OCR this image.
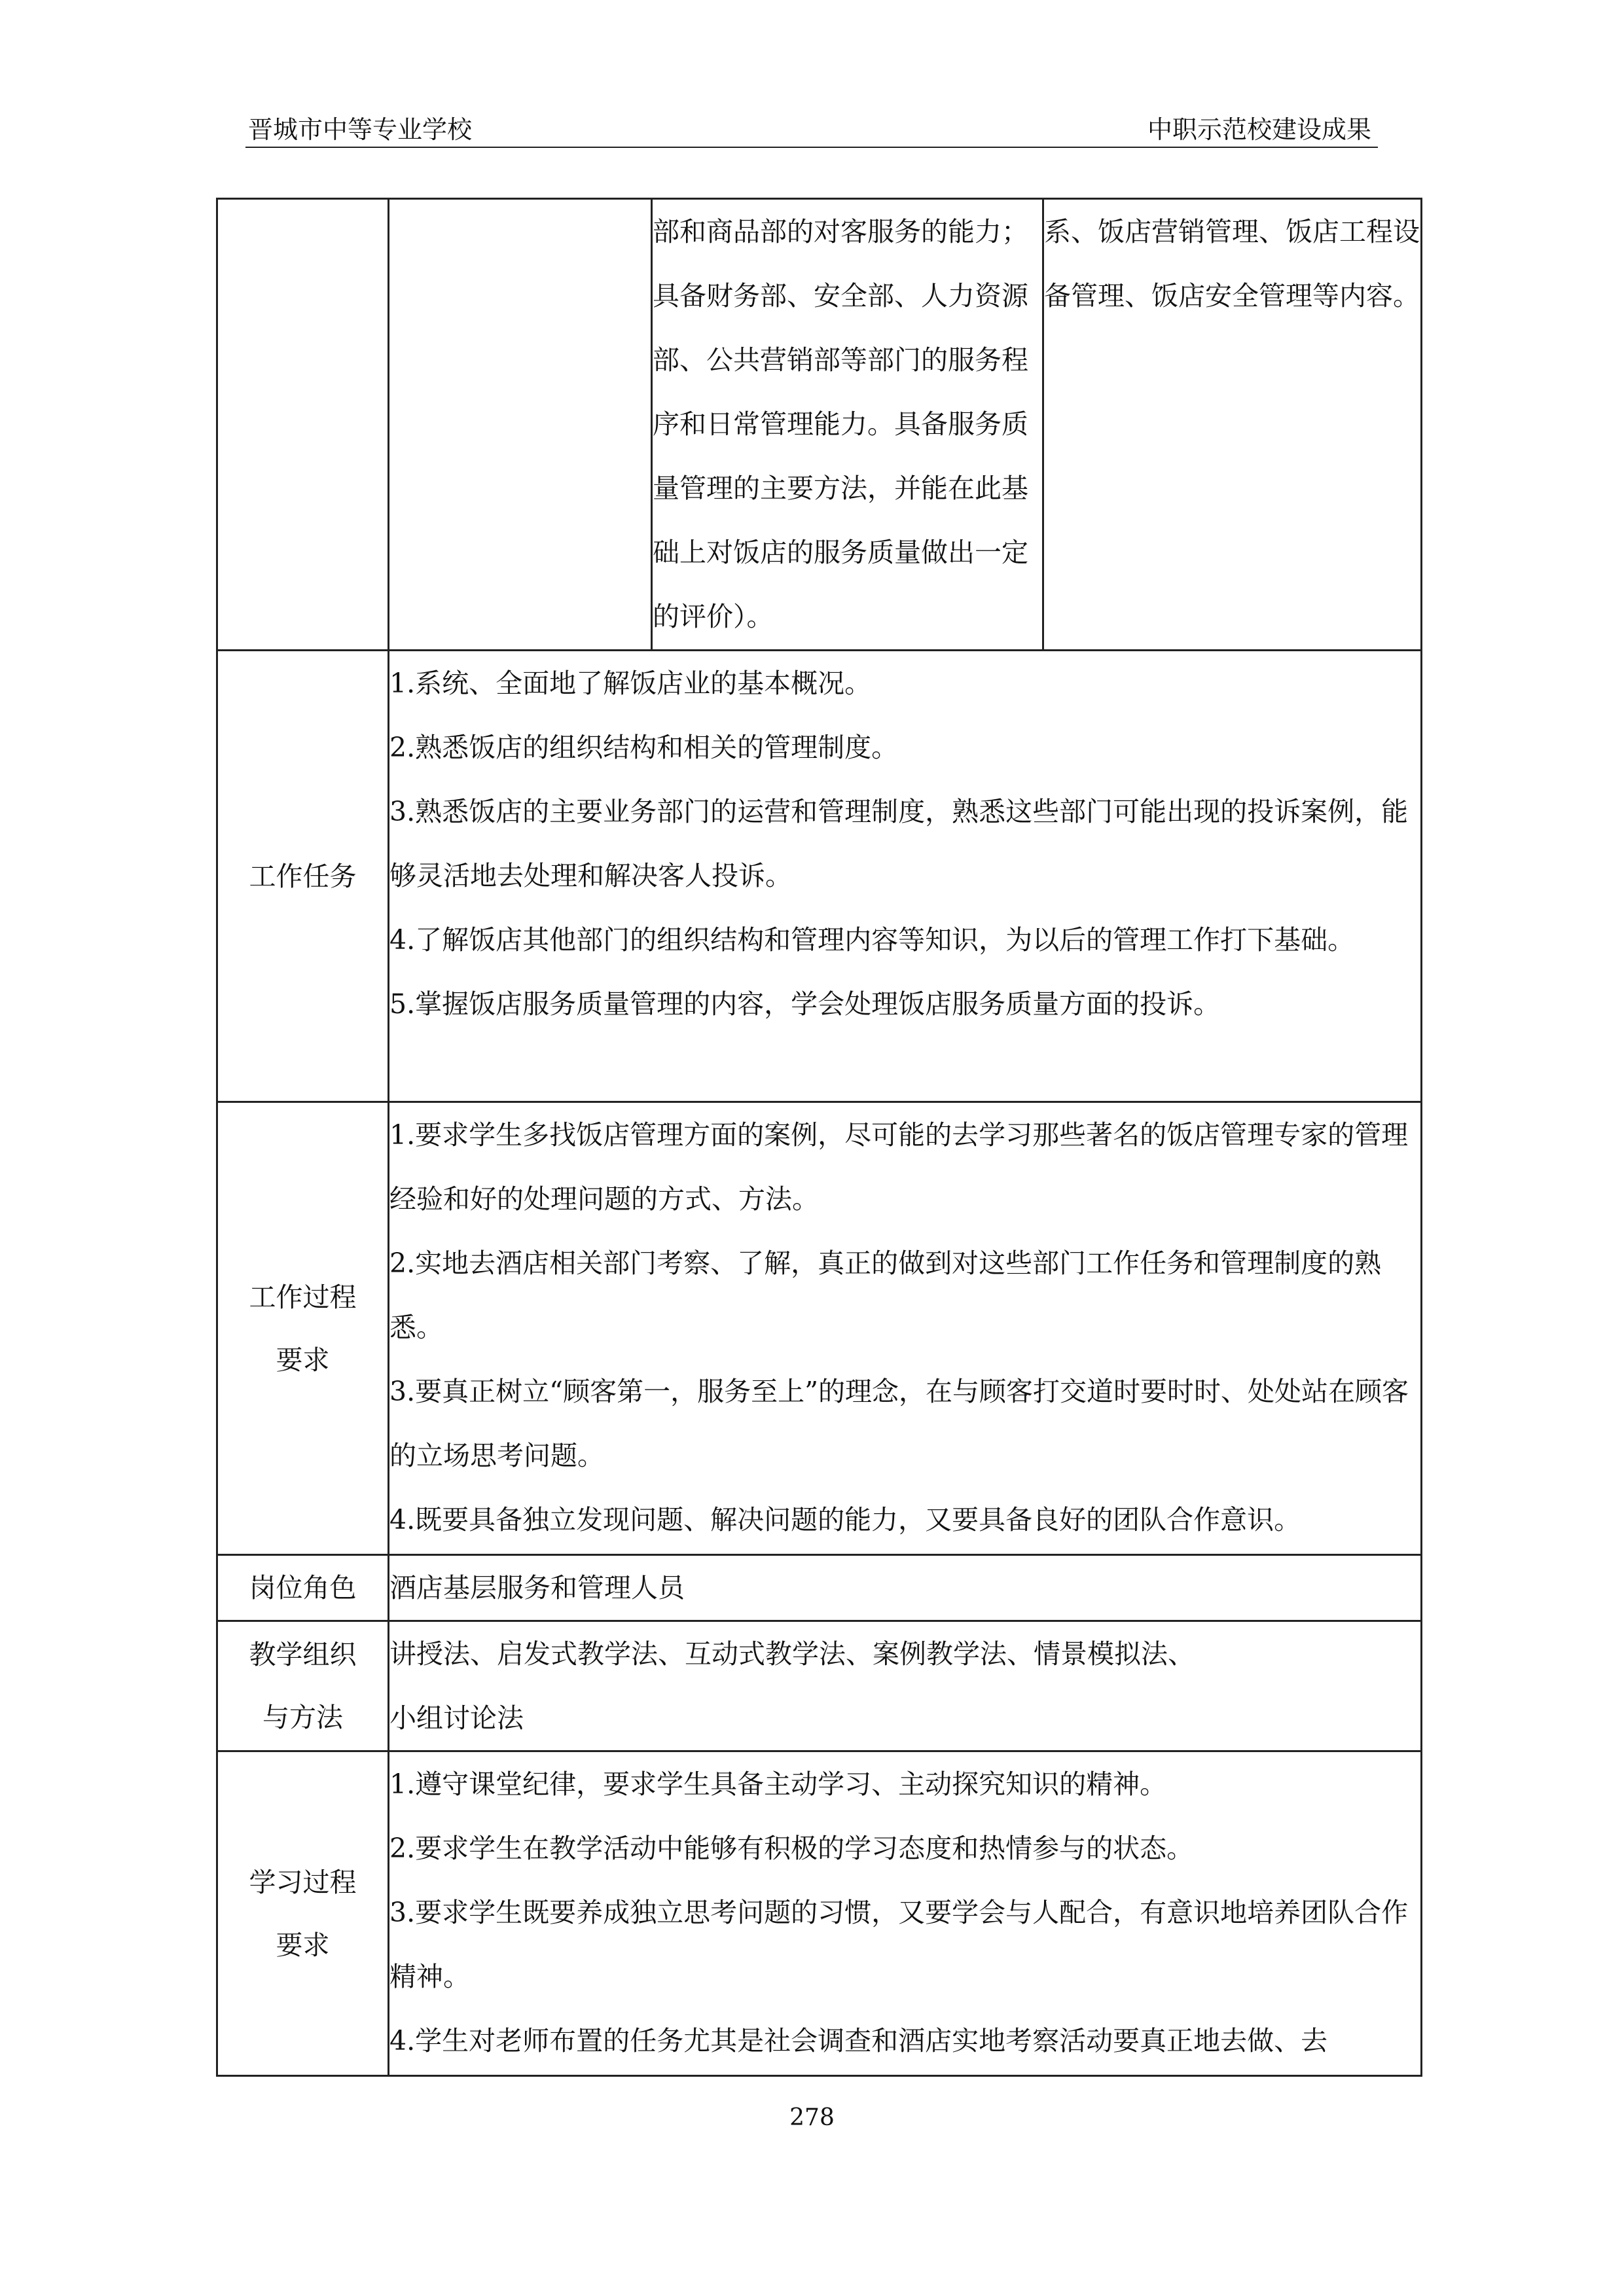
晋城市中等专业学校	中职示范校建设成果
		部和商品部的对客服务的能力；具备财务部、安全部、人力资源部、公共营销部等部门的服务程序和日常管理能力。具备服务质量管理的主要方法，并能在此基础上对饭店的服务质量做出一定的评价）。	系、饭店营销管理、饭店工程设备管理、饭店安全管理等内容。
工作任务	1.系统、全面地了解饭店业的基本概况。

2.熟悉饭店的组织结构和相关的管理制度。

3.熟悉饭店的主要业务部门的运营和管理制度，熟悉这些部门可能出现的投诉案例，能够灵活地去处理和解决客人投诉。

4.了解饭店其他部门的组织结构和管理内容等知识，为以后的管理工作打下基础。

5.掌握饭店服务质量管理的内容，学会处理饭店服务质量方面的投诉。		

工作过程要求	1.要求学生多找饭店管理方面的案例，尽可能的去学习那些著名的饭店管理专家的管理经验和好的处理问题的方式、方法。

2.实地去酒店相关部门考察、了解，真正的做到对这些部门工作任务和管理制度的熟悉。

3.要真正树立“顾客第一，服务至上”的理念，在与顾客打交道时要时时、处处站在顾客的立场思考问题。

4.既要具备独立发现问题、解决问题的能力，又要具备良好的团队合作意识。		

岗位角色	酒店基层服务和管理人员		

教学组织与方法	讲授法、启发式教学法、互动式教学法、案例教学法、情景模拟法、

小组讨论法		

学习过程要求	1.遵守课堂纪律，要求学生具备主动学习、主动探究知识的精神。

2.要求学生在教学活动中能够有积极的学习态度和热情参与的状态。

3.要求学生既要养成独立思考问题的习惯，又要学会与人配合，有意识地培养团队合作精神。

4.学生对老师布置的任务尤其是社会调查和酒店实地考察活动要真正地去做、去		

278
